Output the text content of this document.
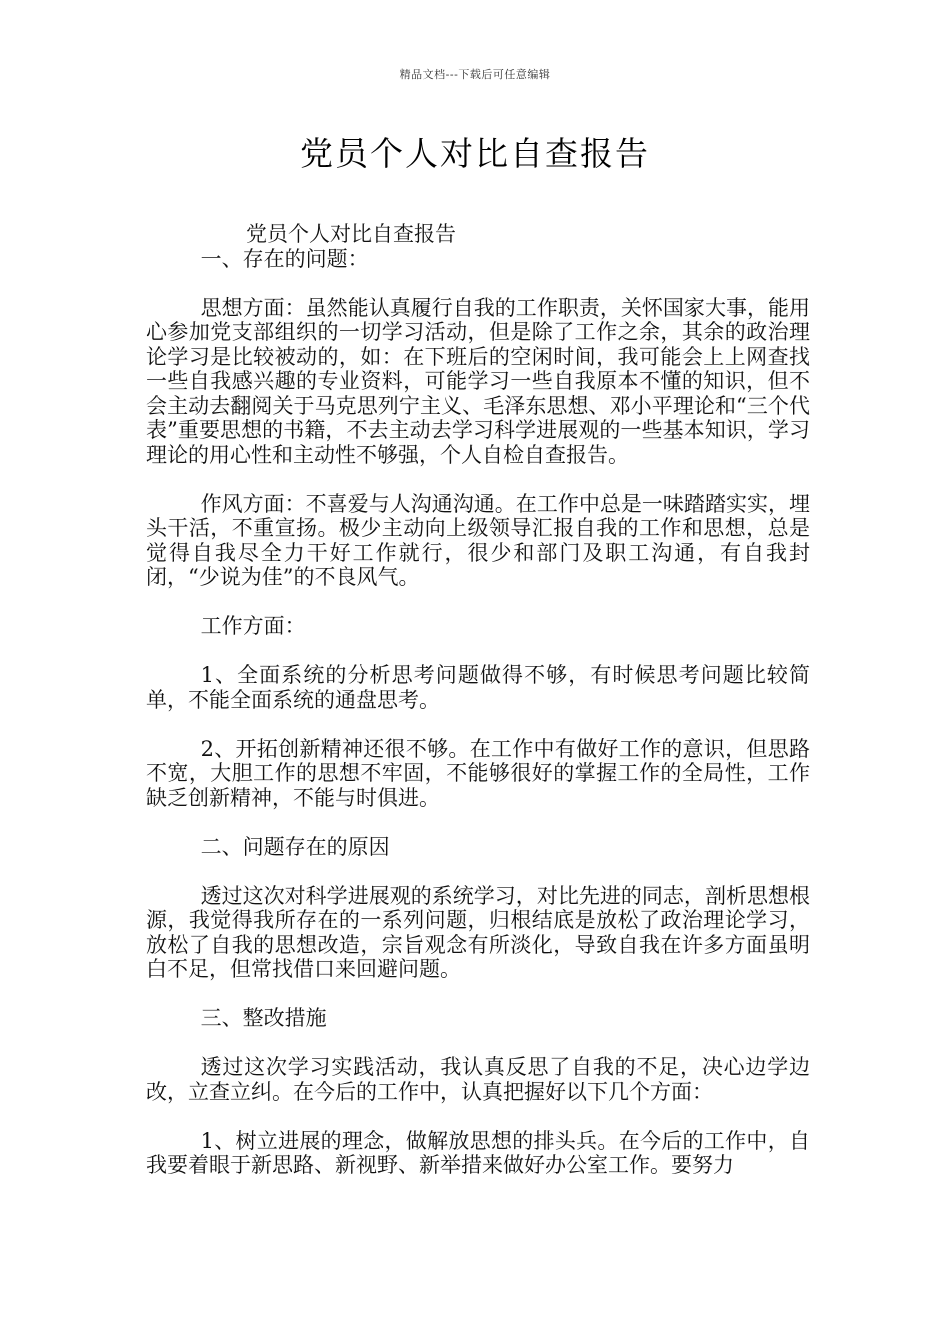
精品文档---下载后可任意编辑
党员个人对比自查报告

党员个人对比自查报告

一、存在的问题：

思想方面：虽然能认真履行自我的工作职责，关怀国家大事，能用心参加党支部组织的一切学习活动，但是除了工作之余，其余的政治理论学习是比较被动的，如：在下班后的空闲时间，我可能会上上网查找一些自我感兴趣的专业资料，可能学习一些自我原本不懂的知识，但不会主动去翻阅关于马克思列宁主义、毛泽东思想、邓小平理论和“三个代表”重要思想的书籍，不去主动去学习科学进展观的一些基本知识，学习理论的用心性和主动性不够强，个人自检自查报告。

作风方面：不喜爱与人沟通沟通。在工作中总是一味踏踏实实，埋头干活，不重宣扬。极少主动向上级领导汇报自我的工作和思想，总是觉得自我尽全力干好工作就行，很少和部门及职工沟通，有自我封闭，“少说为佳”的不良风气。

工作方面：

1、全面系统的分析思考问题做得不够，有时候思考问题比较简单，不能全面系统的通盘思考。

2、开拓创新精神还很不够。在工作中有做好工作的意识，但思路不宽，大胆工作的思想不牢固，不能够很好的掌握工作的全局性，工作缺乏创新精神，不能与时俱进。

二、问题存在的原因

透过这次对科学进展观的系统学习，对比先进的同志，剖析思想根源，我觉得我所存在的一系列问题，归根结底是放松了政治理论学习，放松了自我的思想改造，宗旨观念有所淡化，导致自我在许多方面虽明白不足，但常找借口来回避问题。

三、整改措施

透过这次学习实践活动，我认真反思了自我的不足，决心边学边改，立查立纠。在今后的工作中，认真把握好以下几个方面：

1、树立进展的理念，做解放思想的排头兵。在今后的工作中，自我要着眼于新思路、新视野、新举措来做好办公室工作。要努力
